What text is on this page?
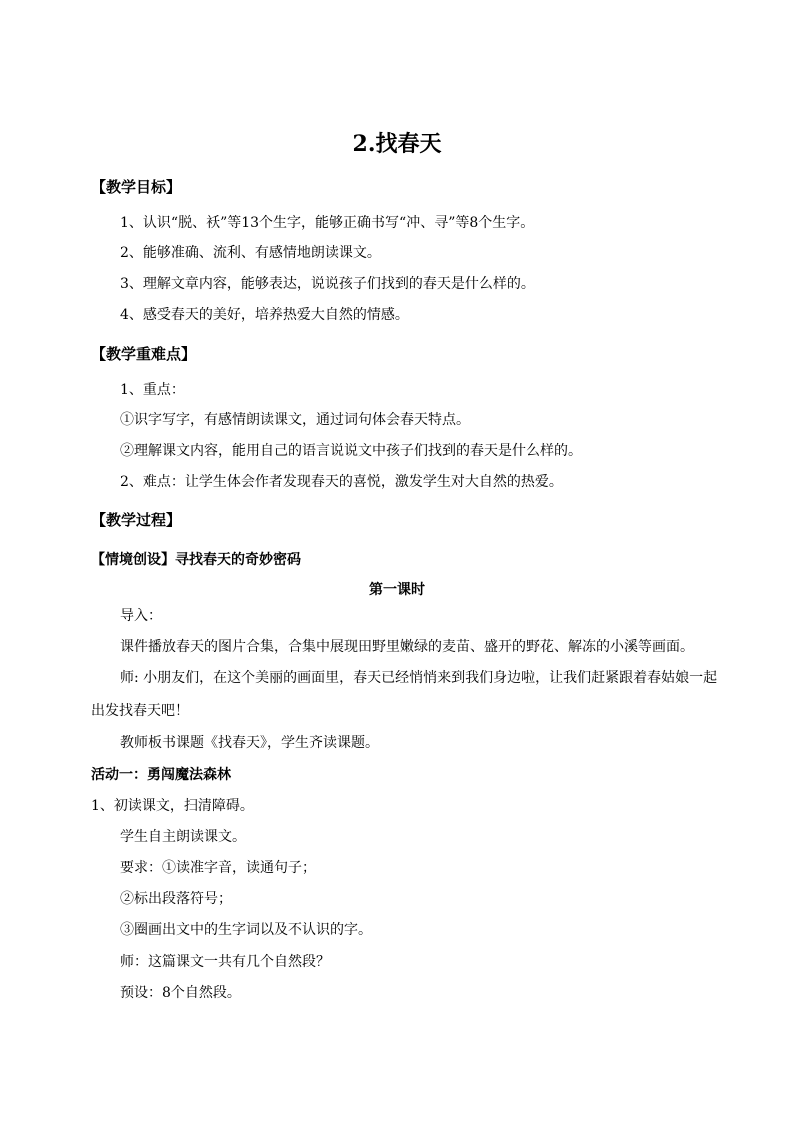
2.找春天
【教学目标】
1、认识“脱、袄”等13个生字，能够正确书写“冲、寻”等8个生字。
2、能够准确、流利、有感情地朗读课文。
3、理解文章内容，能够表达，说说孩子们找到的春天是什么样的。
4、感受春天的美好，培养热爱大自然的情感。
【教学重难点】
1、重点：
①识字写字，有感情朗读课文，通过词句体会春天特点。
②理解课文内容，能用自己的语言说说文中孩子们找到的春天是什么样的。
2、难点：让学生体会作者发现春天的喜悦，激发学生对大自然的热爱。
【教学过程】
【情境创设】寻找春天的奇妙密码
第一课时
导入：
课件播放春天的图片合集，合集中展现田野里嫩绿的麦苗、盛开的野花、解冻的小溪等画面。
师: 小朋友们，在这个美丽的画面里，春天已经悄悄来到我们身边啦，让我们赶紧跟着春姑娘一起
出发找春天吧！
教师板书课题《找春天》，学生齐读课题。
活动一：勇闯魔法森林
1、初读课文，扫清障碍。
学生自主朗读课文。
要求：①读准字音，读通句子；
②标出段落符号；
③圈画出文中的生字词以及不认识的字。
师：这篇课文一共有几个自然段？
预设：8个自然段。
